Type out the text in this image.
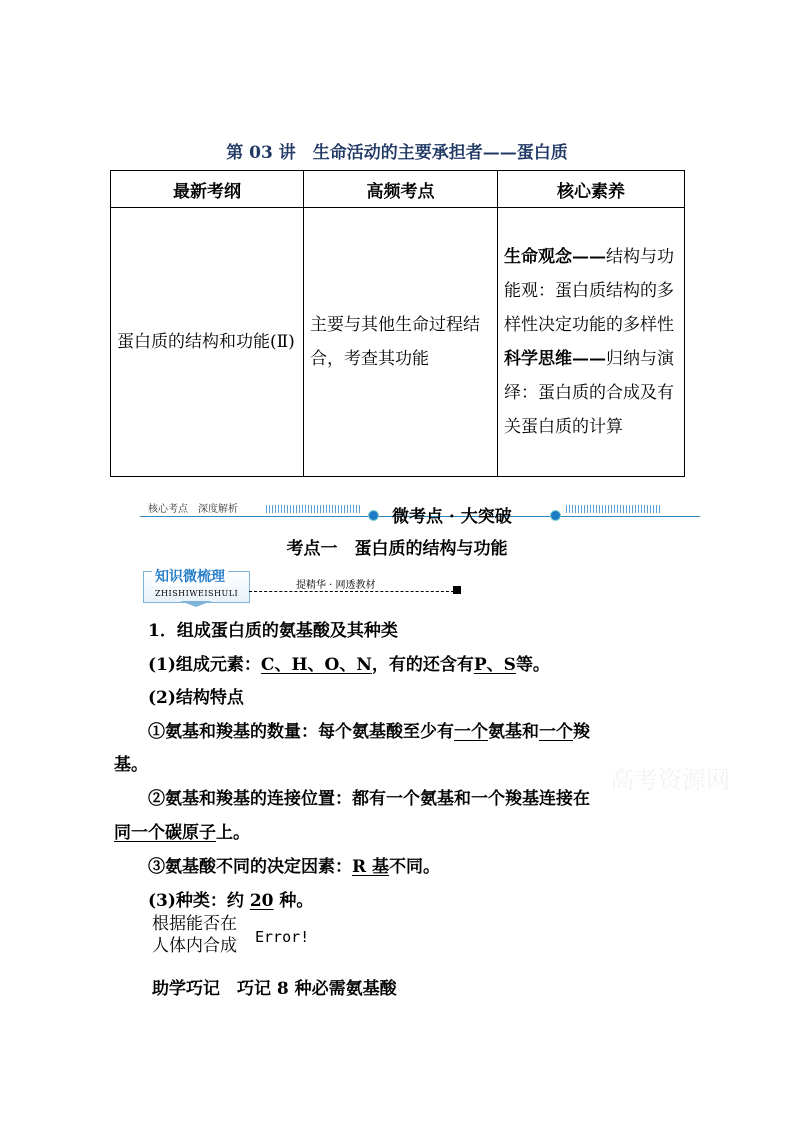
第 03 讲　生命活动的主要承担者——蛋白质
最新考纲	高频考点	核心素养
蛋白质的结构和功能(Ⅱ)	主要与其他生命过程结合，考查其功能	生命观念——结构与功能观：蛋白质结构的多样性决定功能的多样性
科学思维——归纳与演绎：蛋白质的合成及有关蛋白质的计算
核心考点　深度解析	微考点 · 大突破
考点一　蛋白质的结构与功能
知识微梳理
ZHISHIWEISHULI
提精华 · 网透教材
高考资源网
1．组成蛋白质的氨基酸及其种类
(1)组成元素：C、H、O、N，有的还含有P、S等。
(2)结构特点
①氨基和羧基的数量：每个氨基酸至少有一个氨基和一个羧
基。
②氨基和羧基的连接位置：都有一个氨基和一个羧基连接在
同一个碳原子上。
③氨基酸不同的决定因素：R 基不同。
(3)种类：约 20 种。
根据能否在
人体内合成 Error!
助学巧记　巧记 8 种必需氨基酸
